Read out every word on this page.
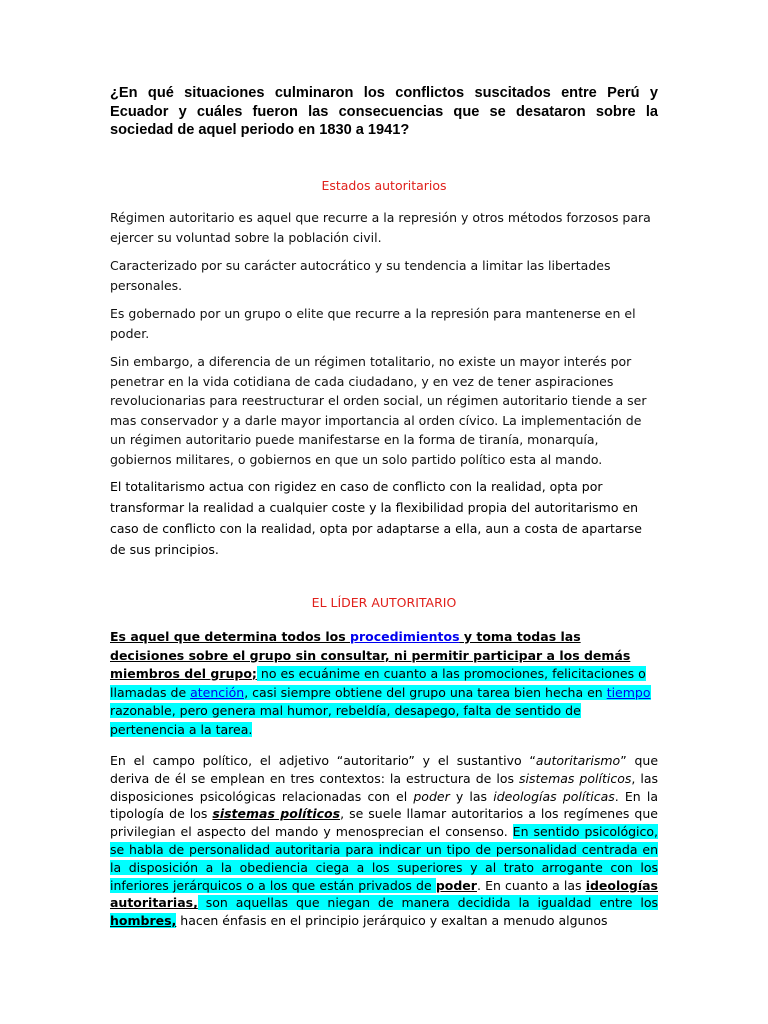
¿En qué situaciones culminaron los conflictos suscitados entre Perú y Ecuador y cuáles fueron las consecuencias que se desataron sobre la sociedad de aquel periodo en 1830 a 1941?
Estados autoritarios
Régimen autoritario es aquel que recurre a la represión y otros métodos forzosos para ejercer su voluntad sobre la población civil.
Caracterizado por su carácter autocrático y su tendencia a limitar las libertades personales.
Es gobernado por un grupo o elite que recurre a la represión para mantenerse en el poder.
Sin embargo, a diferencia de un régimen totalitario, no existe un mayor interés por penetrar en la vida cotidiana de cada ciudadano, y en vez de tener aspiraciones revolucionarias para reestructurar el orden social, un régimen autoritario tiende a ser mas conservador y a darle mayor importancia al orden cívico. La implementación de un régimen autoritario puede manifestarse en la forma de tiranía, monarquía, gobiernos militares, o gobiernos en que un solo partido político esta al mando.
El totalitarismo actua con rigidez en caso de conflicto con la realidad, opta por transformar la realidad a cualquier coste y la flexibilidad propia del autoritarismo en caso de conflicto con la realidad, opta por adaptarse a ella, aun a costa de apartarse de sus principios.
EL LÍDER AUTORITARIO
Es aquel que determina todos los procedimientos y toma todas las decisiones sobre el grupo sin consultar, ni permitir participar a los demás miembros del grupo; no es ecuánime en cuanto a las promociones, felicitaciones o llamadas de atención, casi siempre obtiene del grupo una tarea bien hecha en tiempo razonable, pero genera mal humor, rebeldía, desapego, falta de sentido de pertenencia a la tarea.
En el campo político, el adjetivo “autoritario” y el sustantivo “autoritarismo” que deriva de él se emplean en tres contextos: la estructura de los sistemas políticos, las disposiciones psicológicas relacionadas con el poder y las ideologías políticas. En la tipología de los sistemas políticos, se suele llamar autoritarios a los regímenes que privilegian el aspecto del mando y menosprecian el consenso. En sentido psicológico, se habla de personalidad autoritaria para indicar un tipo de personalidad centrada en la disposición a la obediencia ciega a los superiores y al trato arrogante con los inferiores jerárquicos o a los que están privados de poder. En cuanto a las ideologías autoritarias, son aquellas que niegan de manera decidida la igualdad entre los hombres, hacen énfasis en el principio jerárquico y exaltan a menudo algunos
